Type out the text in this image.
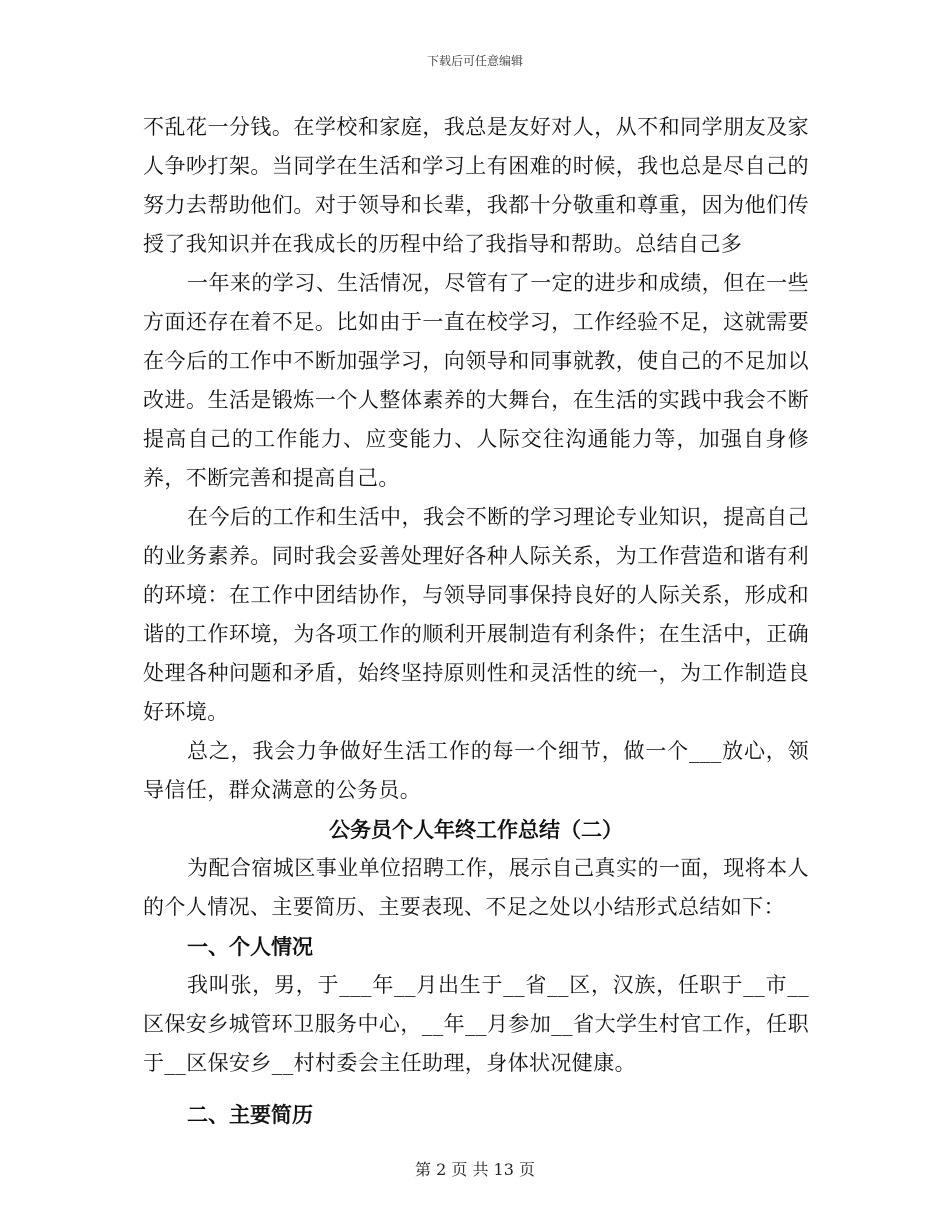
下载后可任意编辑

不乱花一分钱。在学校和家庭，我总是友好对人，从不和同学朋友及家人争吵打架。当同学在生活和学习上有困难的时候，我也总是尽自己的努力去帮助他们。对于领导和长辈，我都十分敬重和尊重，因为他们传授了我知识并在我成长的历程中给了我指导和帮助。总结自己多

一年来的学习、生活情况，尽管有了一定的进步和成绩，但在一些方面还存在着不足。比如由于一直在校学习，工作经验不足，这就需要在今后的工作中不断加强学习，向领导和同事就教，使自己的不足加以改进。生活是锻炼一个人整体素养的大舞台，在生活的实践中我会不断提高自己的工作能力、应变能力、人际交往沟通能力等，加强自身修养，不断完善和提高自己。

在今后的工作和生活中，我会不断的学习理论专业知识，提高自己的业务素养。同时我会妥善处理好各种人际关系，为工作营造和谐有利的环境：在工作中团结协作，与领导同事保持良好的人际关系，形成和谐的工作环境，为各项工作的顺利开展制造有利条件；在生活中，正确处理各种问题和矛盾，始终坚持原则性和灵活性的统一，为工作制造良好环境。

总之，我会力争做好生活工作的每一个细节，做一个___放心，领导信任，群众满意的公务员。

公务员个人年终工作总结（二）

为配合宿城区事业单位招聘工作，展示自己真实的一面，现将本人的个人情况、主要简历、主要表现、不足之处以小结形式总结如下：

一、个人情况

我叫张，男，于___年__月出生于__省__区，汉族，任职于__市__区保安乡城管环卫服务中心，__年__月参加__省大学生村官工作，任职于__区保安乡__村村委会主任助理，身体状况健康。

二、主要简历

第 2 页 共 13 页
